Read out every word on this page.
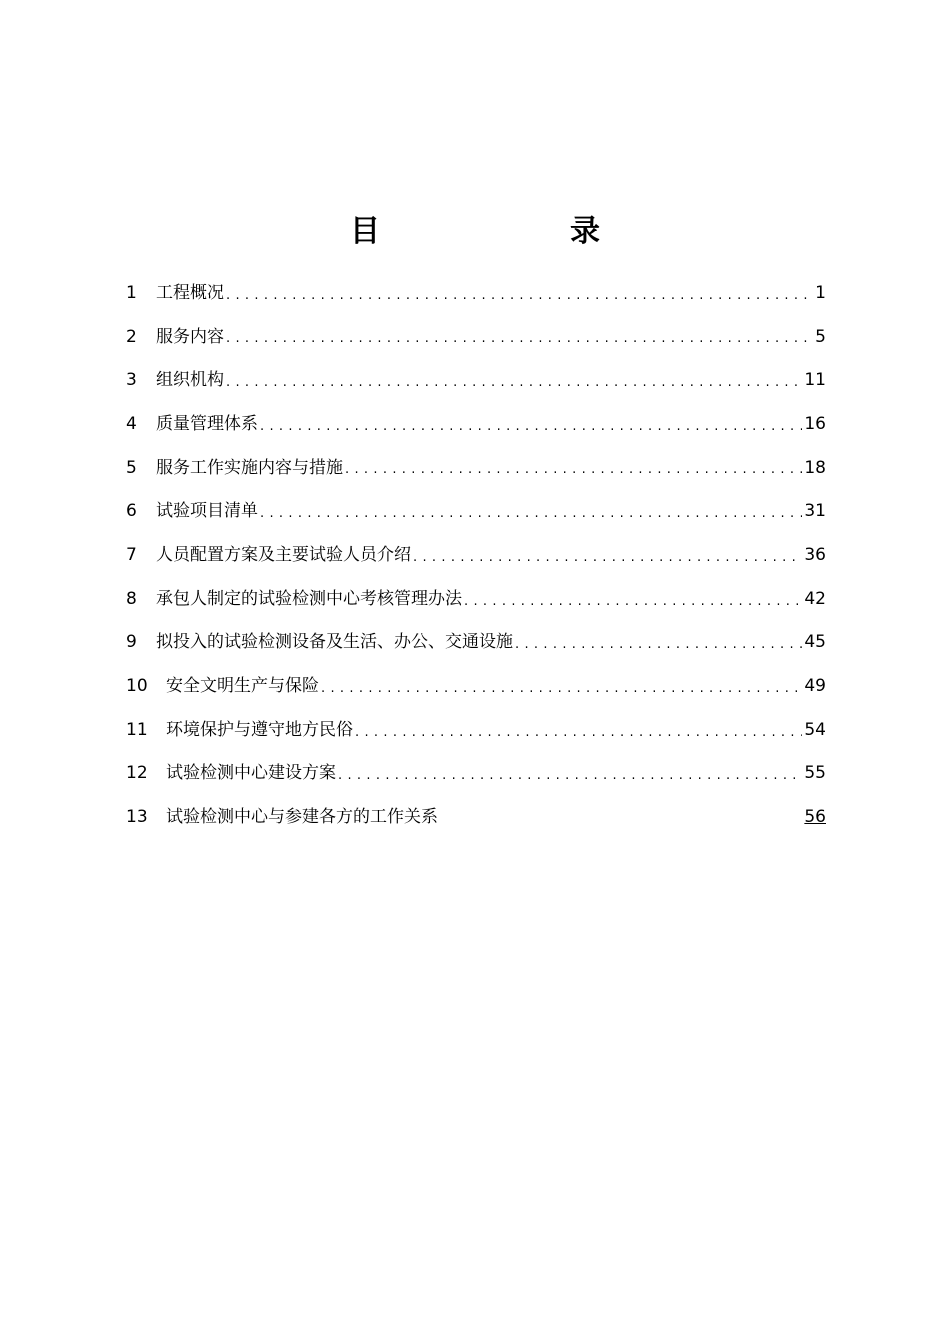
目　录
1	工程概况 . . .	1
2	服务内容 . . .	5
3	组织机构 . . .	11
4	质量管理体系 . . .	16
5	服务工作实施内容与措施 . . .	18
6	试验项目清单 . . .	31
7	人员配置方案及主要试验人员介绍 . . .	36
8	承包人制定的试验检测中心考核管理办法 . . .	42
9	拟投入的试验检测设备及生活、办公、交通设施 . . .	45
10	安全文明生产与保险 . . .	49
11	环境保护与遵守地方民俗 . . .	54
12	试验检测中心建设方案 . . .	55
13	试验检测中心与参建各方的工作关系	56
